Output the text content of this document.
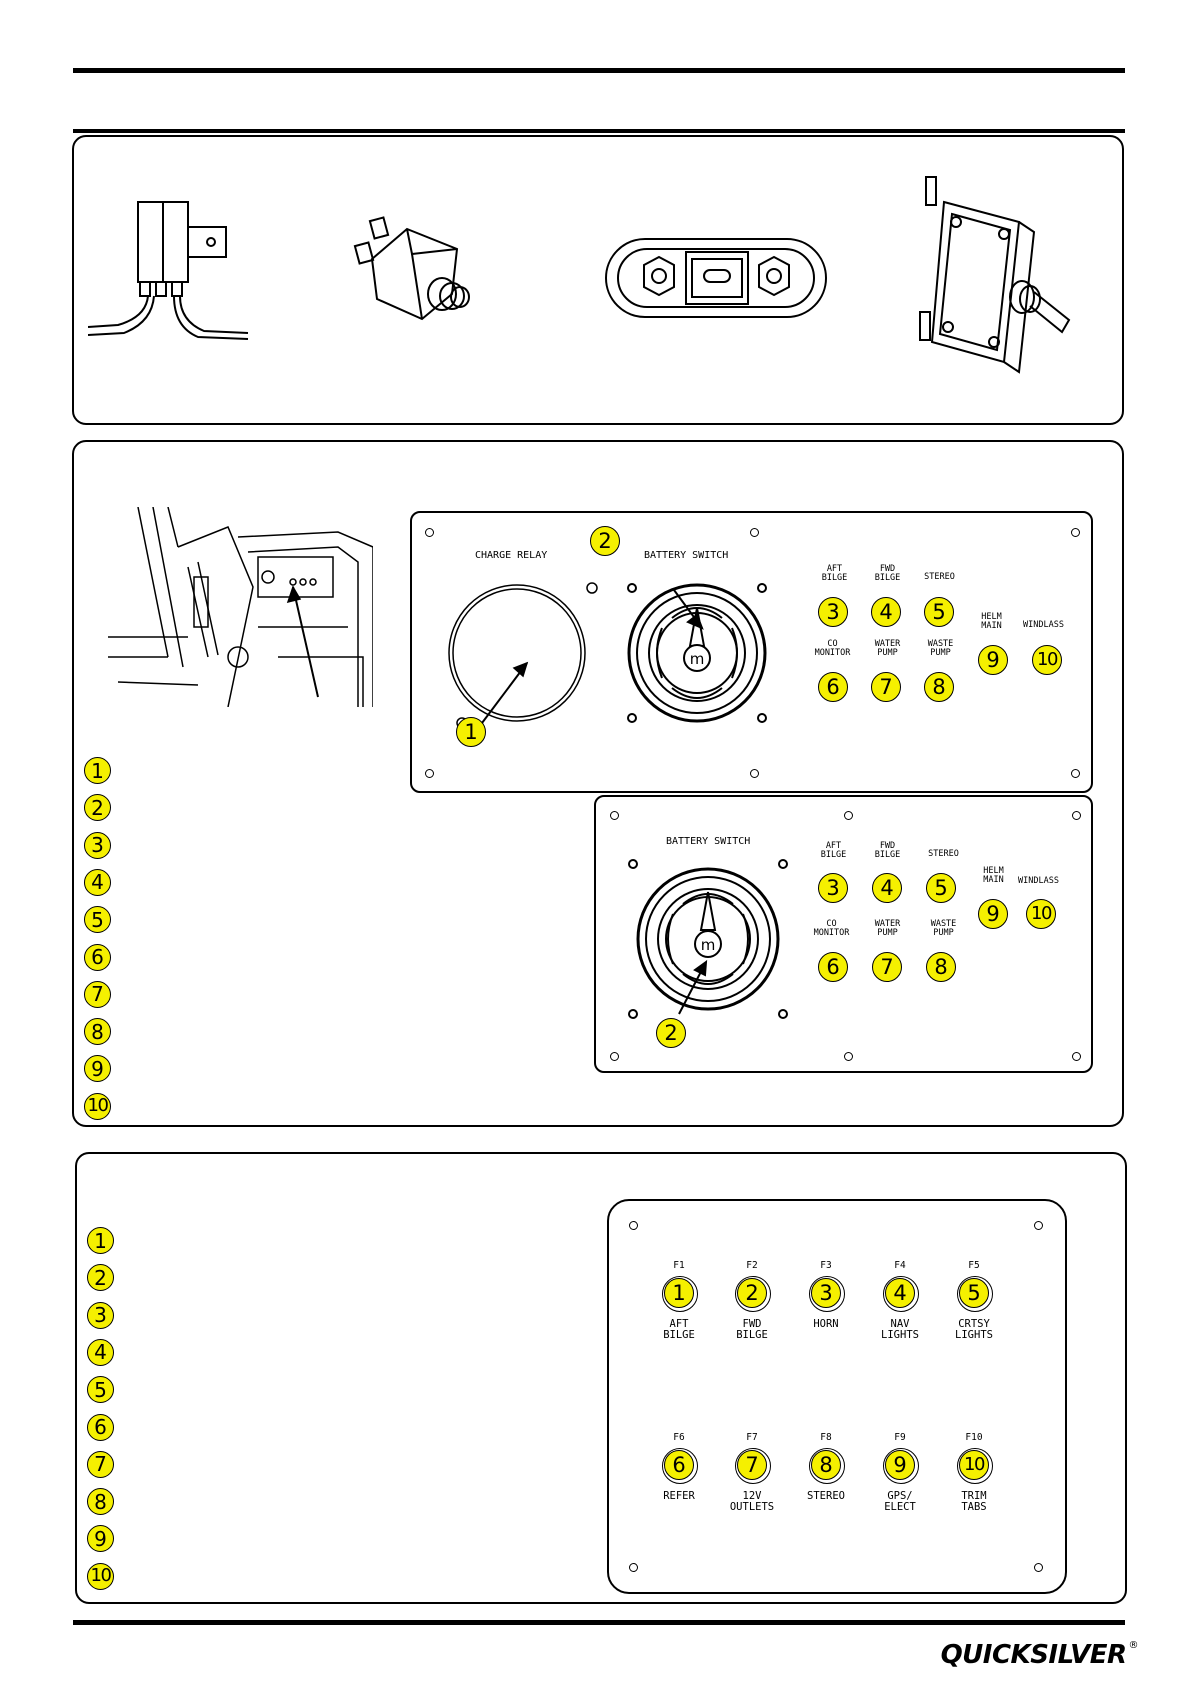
1
2
3
4
5
6
7
8
9
10
CHARGE RELAY	BATTERY SWITCH
m
1
2
3
AFT
BILGE
4
FWD
BILGE
5
STEREO
6
CO
MONITOR
7
WATER
PUMP
8
WASTE
PUMP	9
HELM
MAIN
10
WINDLASS
BATTERY SWITCH
m
2
3
AFT
BILGE
4
FWD
BILGE
5
STEREO
6
CO
MONITOR
7
WATER
PUMP
8
WASTE
PUMP
9
HELM
MAIN
10
WINDLASS
1
2
3
4
5
6
7
8
9
10
F1
1
AFT
BILGE
F2
2
FWD
BILGE
F3
3
HORN
F4
4
NAV
LIGHTS
F5
5
CRTSY
LIGHTS
F6
6
REFER
F7
7
12V
OUTLETS
F8
8
STEREO
F9
9
GPS/
ELECT
F10
10
TRIM
TABS
QUICKSILVER ®
